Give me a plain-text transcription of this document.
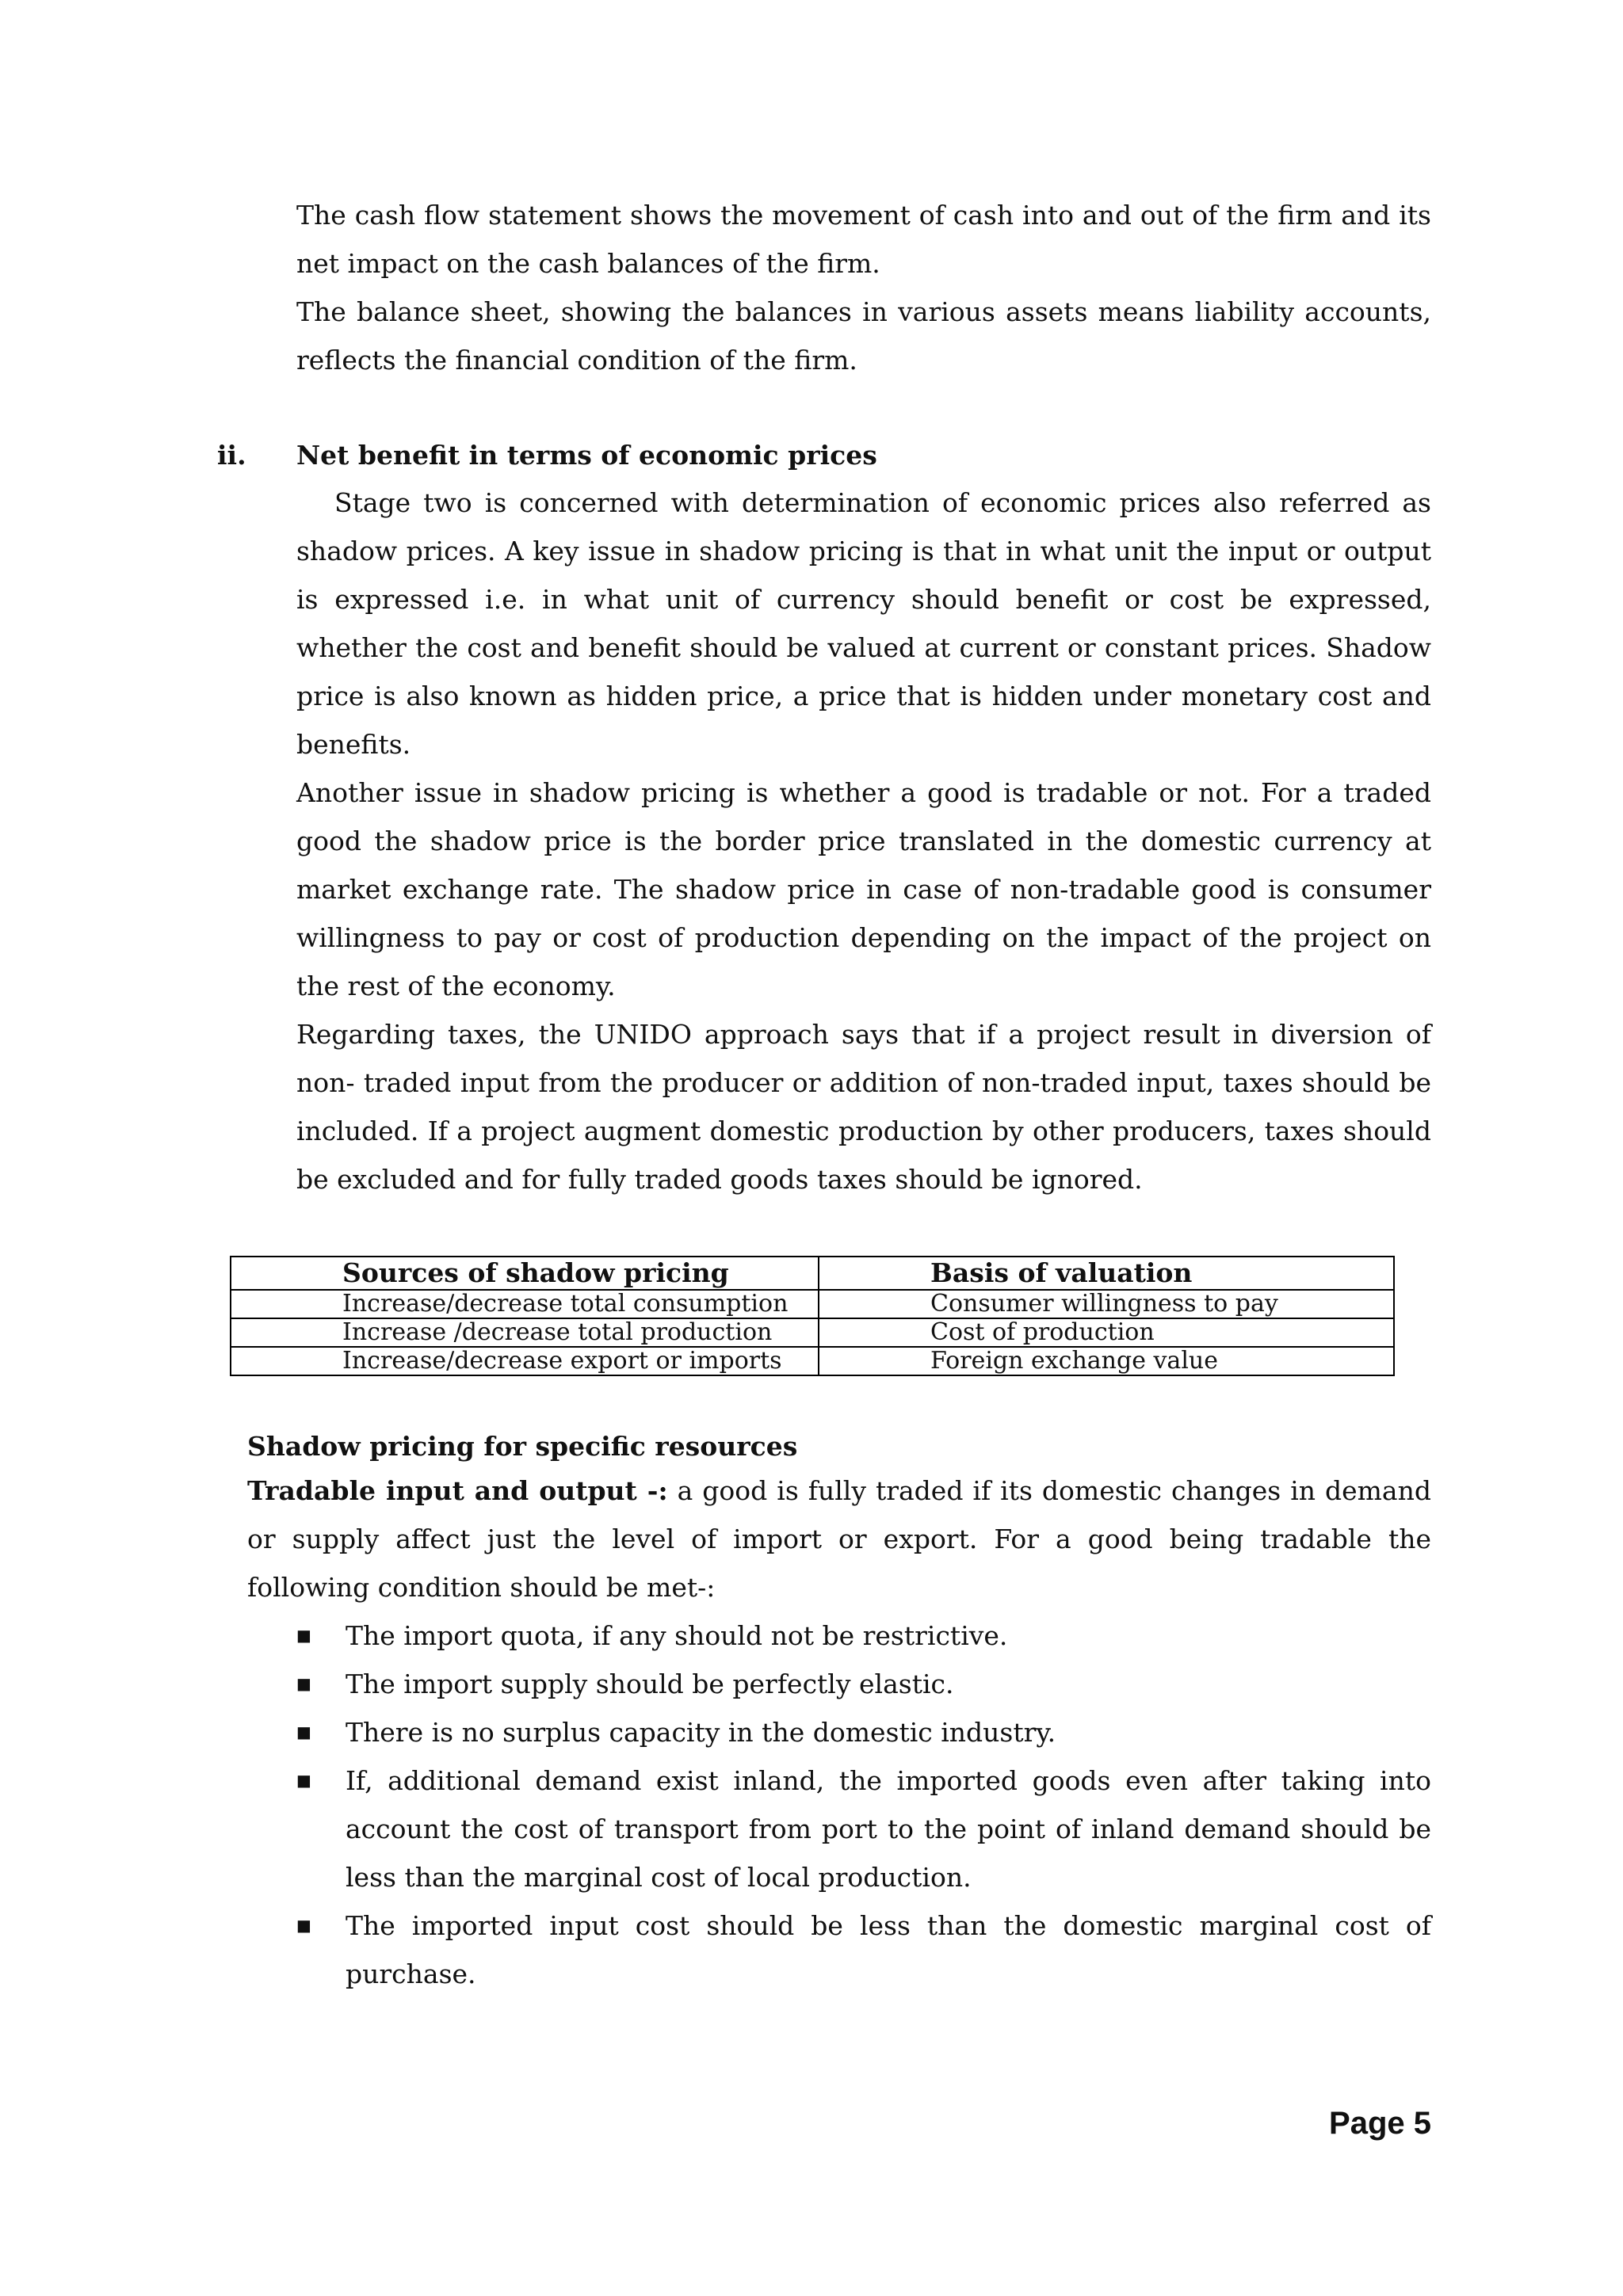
The cash flow statement shows the movement of cash into and out of the firm and its net impact on the cash balances of the firm.

The balance sheet, showing the balances in various assets means liability accounts, reflects the financial condition of the firm.

ii. Net benefit in terms of economic prices

Stage two is concerned with determination of economic prices also referred as shadow prices. A key issue in shadow pricing is that in what unit the input or output is expressed i.e. in what unit of currency should benefit or cost be expressed, whether the cost and benefit should be valued at current or constant prices. Shadow price is also known as hidden price, a price that is hidden under monetary cost and benefits.

Another issue in shadow pricing is whether a good is tradable or not. For a traded good the shadow price is the border price translated in the domestic currency at market exchange rate. The shadow price in case of non-tradable good is consumer willingness to pay or cost of production depending on the impact of the project on the rest of the economy.

Regarding taxes, the UNIDO approach says that if a project result in diversion of non- traded input from the producer or addition of non-traded input, taxes should be included. If a project augment domestic production by other producers, taxes should be excluded and for fully traded goods taxes should be ignored.

Sources of shadow pricing	Basis of valuation
Increase/decrease total consumption	Consumer willingness to pay
Increase /decrease total production	Cost of production
Increase/decrease export or imports	Foreign exchange value
Shadow pricing for specific resources

Tradable input and output -: a good is fully traded if its domestic changes in demand or supply affect just the level of import or export. For a good being tradable the following condition should be met-:

■ The import quota, if any should not be restrictive.
■ The import supply should be perfectly elastic.
■ There is no surplus capacity in the domestic industry.
■ If, additional demand exist inland, the imported goods even after taking into account the cost of transport from port to the point of inland demand should be less than the marginal cost of local production.
■ The imported input cost should be less than the domestic marginal cost of purchase.
Page 5
